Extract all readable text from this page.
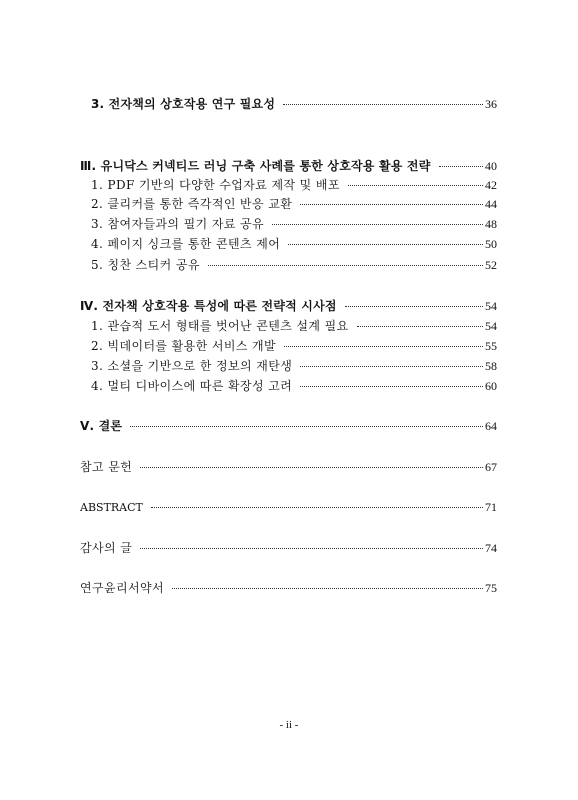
3. 전자책의 상호작용 연구 필요성	36
Ⅲ. 유니닥스 커넥티드 러닝 구축 사례를 통한 상호작용 활용 전략	40
1. PDF 기반의 다양한 수업자료 제작 및 배포	42
2. 클리커를 통한 즉각적인 반응 교환	44
3. 참여자들과의 필기 자료 공유	48
4. 페이지 싱크를 통한 콘텐츠 제어	50
5. 칭찬 스티커 공유	52
Ⅳ. 전자책 상호작용 특성에 따른 전략적 시사점	54
1. 관습적 도서 형태를 벗어난 콘텐츠 설계 필요	54
2. 빅데이터를 활용한 서비스 개발	55
3. 소셜을 기반으로 한 정보의 재탄생	58
4. 멀티 디바이스에 따른 확장성 고려	60
Ⅴ. 결론	64
참고 문헌	67
ABSTRACT	71
감사의 글	74
연구윤리서약서	75
- ii -
